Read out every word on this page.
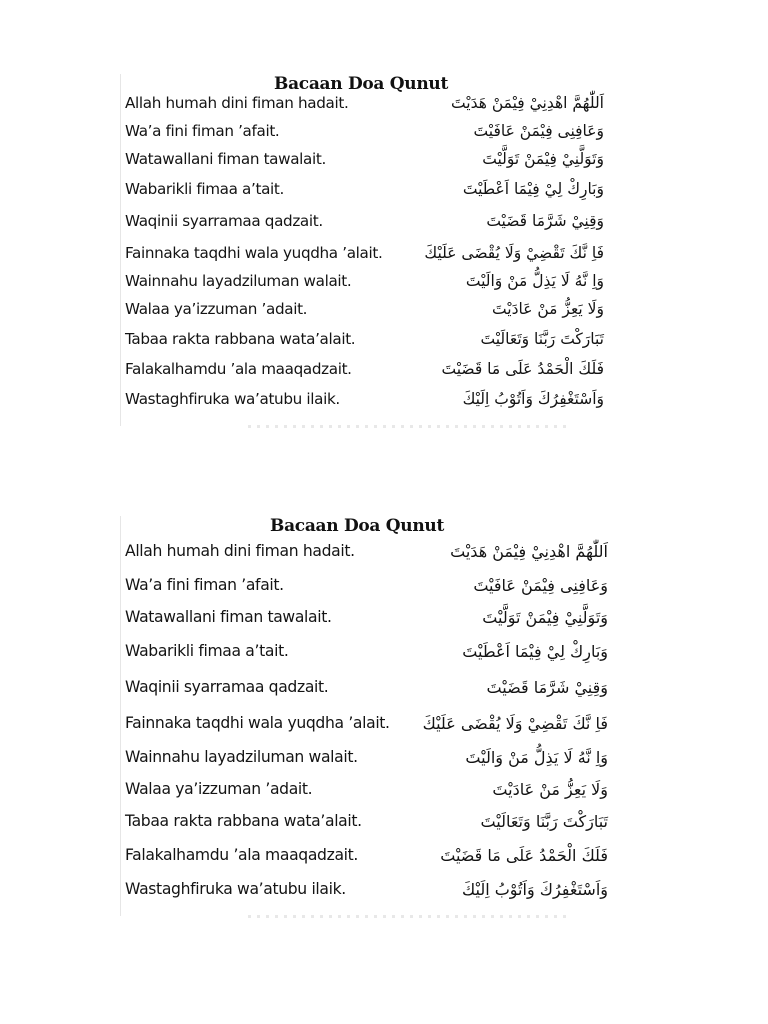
Bacaan Doa Qunut
Allah humah dini fiman hadait.	اَللّٰهُمَّ اهْدِنِيْ فِيْمَنْ هَدَيْتَ
Wa’a fini fiman ’afait.	وَعَافِنِى فِيْمَنْ عَافَيْتَ
Watawallani fiman tawalait.	وَتَوَلَّنِيْ فِيْمَنْ تَوَلَّيْتَ
Wabarikli fimaa a’tait.	وَبَارِكْ لِيْ فِيْمَا اَعْطَيْتَ
Waqinii syarramaa qadzait.	وَقِنِيْ شَرَّمَا قَضَيْتَ
Fainnaka taqdhi wala yuqdha ’alait.	فَاِ نَّكَ تَقْضِيْ وَلَا يُقْضَى عَلَيْكَ
Wainnahu layadziluman walait.	وَاِ نَّهُ لَا يَذِلُّ مَنْ وَالَيْتَ
Walaa ya’izzuman ’adait.	وَلَا يَعِزُّ مَنْ عَادَيْتَ
Tabaa rakta rabbana wata’alait.	تَبَارَكْتَ رَبَّنَا وَتَعَالَيْتَ
Falakalhamdu ’ala maaqadzait.	فَلَكَ الْحَمْدُ عَلَى مَا قَضَيْتَ
Wastaghfiruka wa’atubu ilaik.	وَاَسْتَغْفِرُكَ وَاَتُوْبُ اِلَيْكَ
Bacaan Doa Qunut
Allah humah dini fiman hadait.	اَللّٰهُمَّ اهْدِنِيْ فِيْمَنْ هَدَيْتَ
Wa’a fini fiman ’afait.	وَعَافِنِى فِيْمَنْ عَافَيْتَ
Watawallani fiman tawalait.	وَتَوَلَّنِيْ فِيْمَنْ تَوَلَّيْتَ
Wabarikli fimaa a’tait.	وَبَارِكْ لِيْ فِيْمَا اَعْطَيْتَ
Waqinii syarramaa qadzait.	وَقِنِيْ شَرَّمَا قَضَيْتَ
Fainnaka taqdhi wala yuqdha ’alait. فَاِ نَّكَ تَقْضِيْ وَلَا يُقْضَى عَلَيْكَ
Wainnahu layadziluman walait.	وَاِ نَّهُ لَا يَذِلُّ مَنْ وَالَيْتَ
Walaa ya’izzuman ’adait.	وَلَا يَعِزُّ مَنْ عَادَيْتَ
Tabaa rakta rabbana wata’alait.	تَبَارَكْتَ رَبَّنَا وَتَعَالَيْتَ
Falakalhamdu ’ala maaqadzait.	فَلَكَ الْحَمْدُ عَلَى مَا قَضَيْتَ
Wastaghfiruka wa’atubu ilaik.	وَاَسْتَغْفِرُكَ وَاَتُوْبُ اِلَيْكَ
